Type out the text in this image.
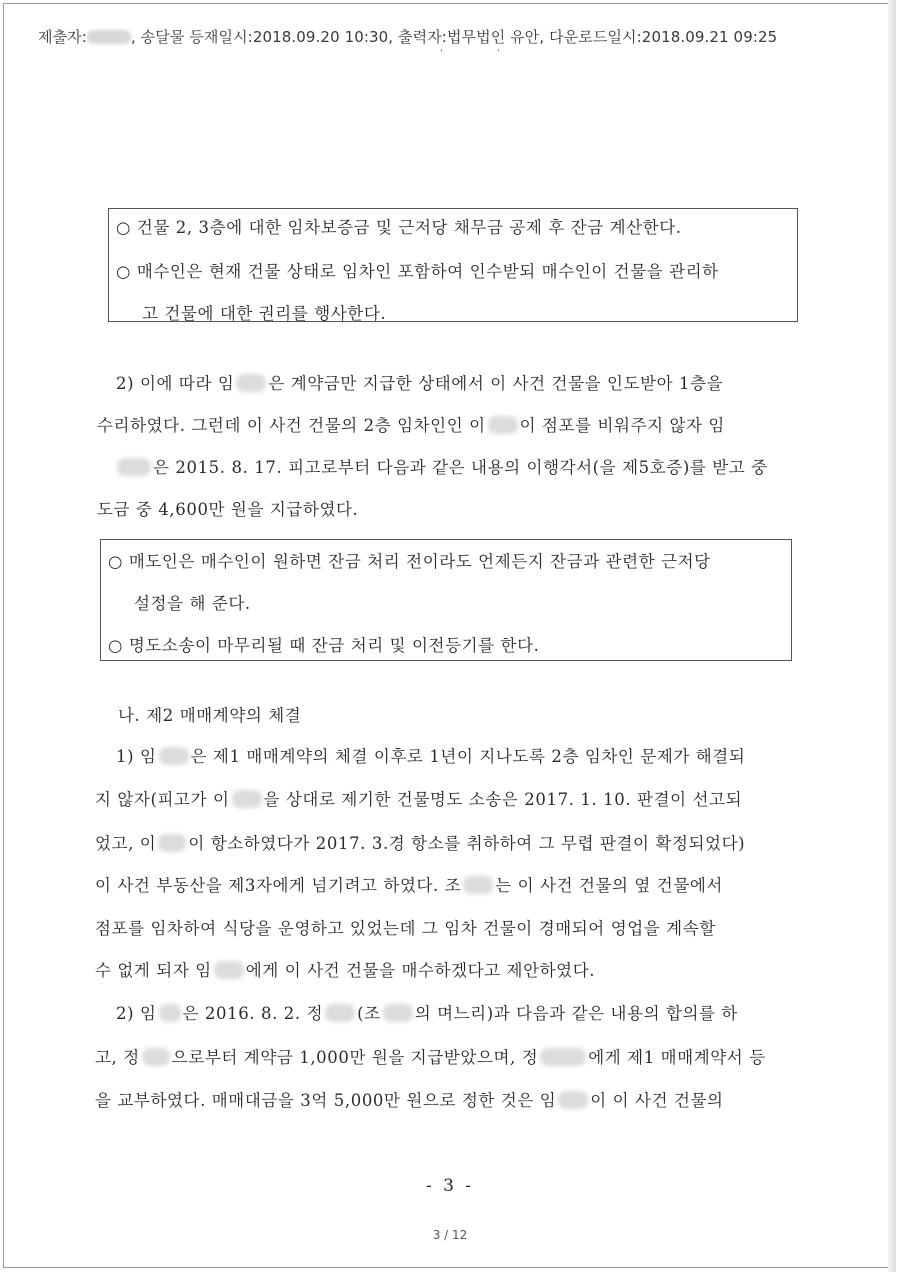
제출자:	, 송달물 등재일시:2018.09.20 10:30, 출력자:법무법인 유안, 다운로드일시:2018.09.21 09:25
'	'
○ 건물 2, 3층에 대한 임차보증금 및 근저당 채무금 공제 후 잔금 계산한다.
○ 매수인은 현재 건물 상태로 임차인 포함하여 인수받되 매수인이 건물을 관리하
고 건물에 대한 권리를 행사한다.
2) 이에 따라 임 은 계약금만 지급한 상태에서 이 사건 건물을 인도받아 1층을
수리하였다. 그런데 이 사건 건물의 2층 임차인인 이 이 점포를 비워주지 않자 임
은 2015. 8. 17. 피고로부터 다음과 같은 내용의 이행각서(을 제5호증)를 받고 중
도금 중 4,600만 원을 지급하였다.
○ 매도인은 매수인이 원하면 잔금 처리 전이라도 언제든지 잔금과 관련한 근저당
설정을 해 준다.
○ 명도소송이 마무리될 때 잔금 처리 및 이전등기를 한다.
나. 제2 매매계약의 체결
1) 임 은 제1 매매계약의 체결 이후로 1년이 지나도록 2층 임차인 문제가 해결되
지 않자(피고가 이 을 상대로 제기한 건물명도 소송은 2017. 1. 10. 판결이 선고되
었고, 이 이 항소하였다가 2017. 3.경 항소를 취하하여 그 무렵 판결이 확정되었다)
이 사건 부동산을 제3자에게 넘기려고 하였다. 조 는 이 사건 건물의 옆 건물에서
점포를 임차하여 식당을 운영하고 있었는데 그 임차 건물이 경매되어 영업을 계속할
수 없게 되자 임 에게 이 사건 건물을 매수하겠다고 제안하였다.
2) 임 은 2016. 8. 2. 정 (조 의 며느리)과 다음과 같은 내용의 합의를 하
고, 정 으로부터 계약금 1,000만 원을 지급받았으며, 정	에게 제1 매매계약서 등
을 교부하였다. 매매대금을 3억 5,000만 원으로 정한 것은 임 이 이 사건 건물의
- 3 -
3 / 12
